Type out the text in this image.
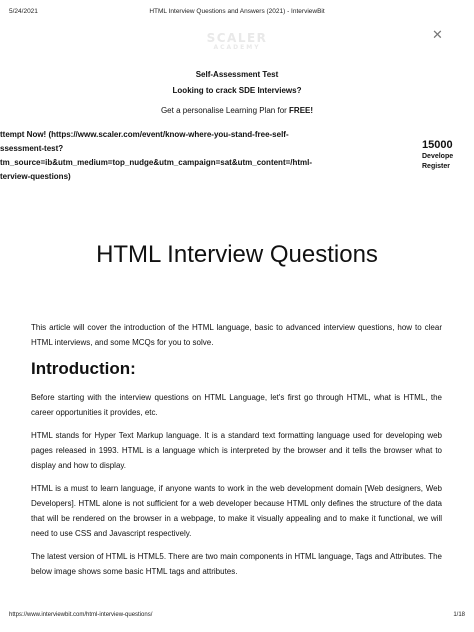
5/24/2021	HTML Interview Questions and Answers (2021) - InterviewBit
SCALER
ACADEMY
✕
Self-Assessment Test
Looking to crack SDE Interviews?
Get a personalise Learning Plan for FREE!
ttempt Now! (https://www.scaler.com/event/know-where-you-stand-free-self-
ssessment-test?
tm_source=ib&utm_medium=top_nudge&utm_campaign=sat&utm_content=/html-
terview-questions)
15000
Develope
Register
HTML Interview Questions

This article will cover the introduction of the HTML language, basic to advanced interview questions, how to clear HTML interviews, and some MCQs for you to solve.

Introduction:

Before starting with the interview questions on HTML Language, let's first go through HTML, what is HTML, the career opportunities it provides, etc.

HTML stands for Hyper Text Markup language. It is a standard text formatting language used for developing web pages released in 1993. HTML is a language which is interpreted by the browser and it tells the browser what to display and how to display.

HTML is a must to learn language, if anyone wants to work in the web development domain [Web designers, Web Developers]. HTML alone is not sufficient for a web developer because HTML only defines the structure of the data that will be rendered on the browser in a webpage, to make it visually appealing and to make it functional, we will need to use CSS and Javascript respectively.

The latest version of HTML is HTML5. There are two main components in HTML language, Tags and Attributes. The below image shows some basic HTML tags and attributes.

https://www.interviewbit.com/html-interview-questions/	1/18
